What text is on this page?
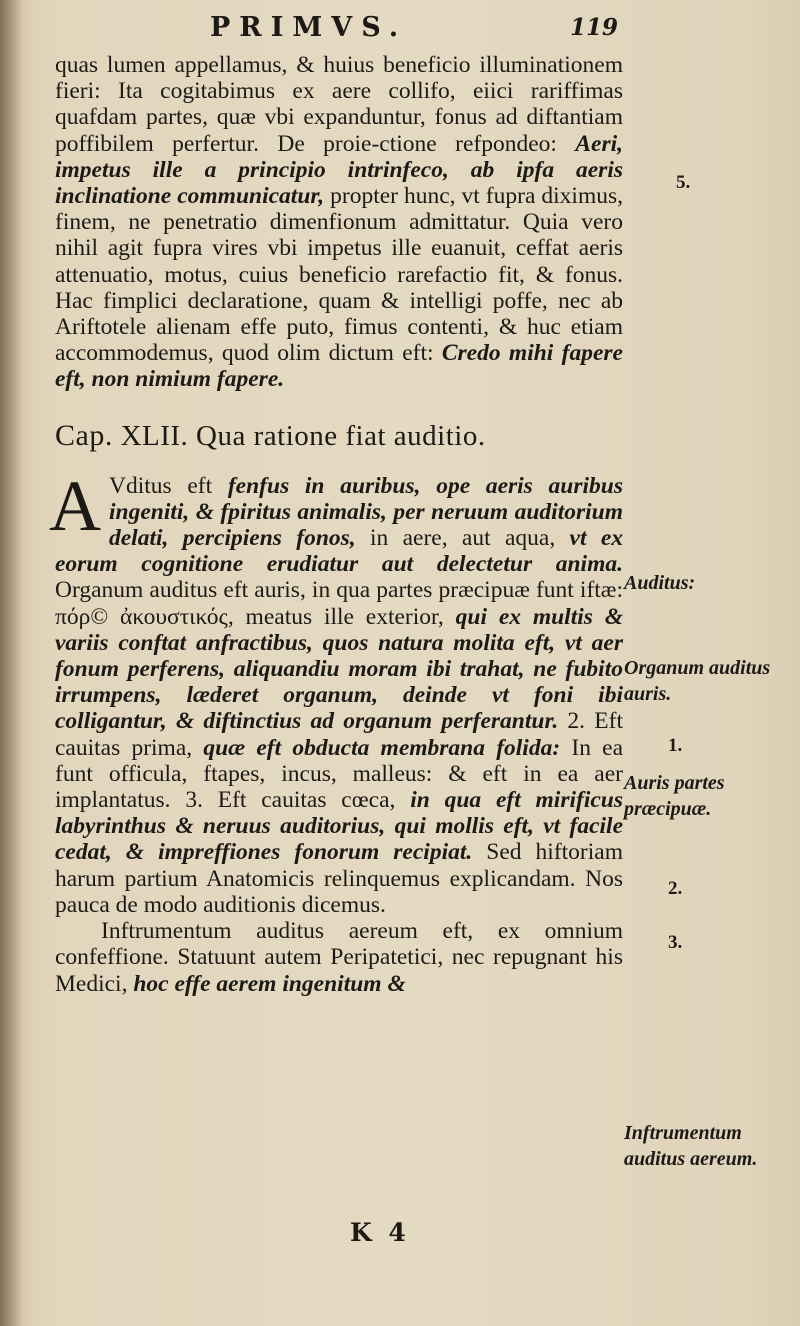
PRIMVS.	119

quas lumen appellamus, & huius beneficio illuminationem fieri: Ita cogitabimus ex aere collifo, eiici rariffimas quafdam partes, quæ vbi expanduntur, fonus ad diftantiam poffibilem perfertur. De proie-ctione refpondeo: Aeri, impetus ille a principio intrinfeco, ab ipfa aeris inclinatione communicatur, propter hunc, vt fupra diximus, finem, ne penetratio dimenfionum admittatur. Quia vero nihil agit fupra vires vbi impetus ille euanuit, ceffat aeris attenuatio, motus, cuius beneficio rarefactio fit, & fonus. Hac fimplici declaratione, quam & intelligi poffe, nec ab Ariftotele alienam effe puto, fimus contenti, & huc etiam accommodemus, quod olim dictum eft: Credo mihi fapere eft, non nimium fapere.

Cap. XLII. Qua ratione fiat auditio.

A Vditus eft fenfus in auribus, ope aeris auribus ingeniti, & fpiritus animalis, per neruum auditorium delati, percipiens fonos, in aere, aut aqua, vt ex eorum cognitione erudiatur aut delectetur anima. Organum auditus eft auris, in qua partes præcipuæ funt iftæ: πόρ© ἀκουστικός, meatus ille exterior, qui ex multis & variis conftat anfractibus, quos natura molita eft, vt aer fonum perferens, aliquandiu moram ibi trahat, ne fubito irrumpens, læderet organum, deinde vt foni ibi colligantur, & diftinctius ad organum perferantur. 2. Eft cauitas prima, quæ eft obducta membrana folida: In ea funt officula, ftapes, incus, malleus: & eft in ea aer implantatus. 3. Eft cauitas cœca, in qua eft mirificus labyrinthus & neruus auditorius, qui mollis eft, vt facile cedat, & impreffiones fonorum recipiat. Sed hiftoriam harum partium Anatomicis relinquemus explicandam. Nos pauca de modo auditionis dicemus.

Inftrumentum auditus aereum eft, ex omnium confeffione. Statuunt autem Peripatetici, nec repugnant his Medici, hoc effe aerem ingenitum &

5.
Auditus:
Organum auditus auris.
1.
Auris partes præcipuæ.
2.
3.
Inftrumentum auditus aereum.
K 4
